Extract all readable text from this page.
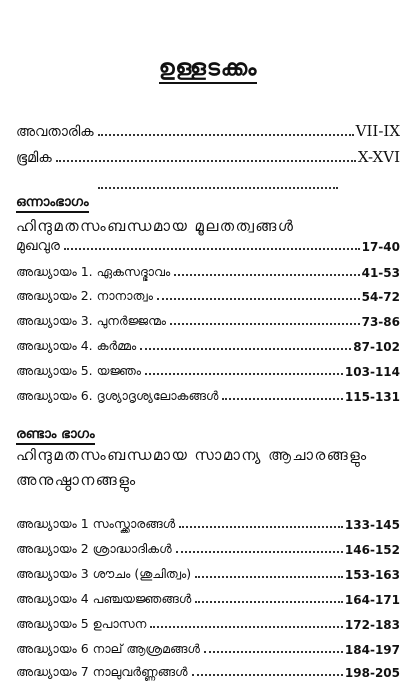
ഉള്ളടക്കം
അവതാരിക	VII-IX
ഭൂമിക	X-XVI
ഒന്നാംഭാഗം
ഹിന്ദുമതസംബന്ധമായ മൂലതത്വങ്ങൾ
മുഖവുര	17-40
അദ്ധ്യായം 1. ഏകസദ്ഭാവം	41-53
അദ്ധ്യായം 2. നാനാത്വം	54-72
അദ്ധ്യായം 3. പുനർജ്ജന്മം	73-86
അദ്ധ്യായം 4. കർമ്മം	87-102
അദ്ധ്യായം 5. യജ്ഞം	103-114
അദ്ധ്യായം 6. ദൃശ്യാദൃശ്യലോകങ്ങൾ	115-131
രണ്ടാം ഭാഗം
ഹിന്ദുമതസംബന്ധമായ സാമാന്യ ആചാരങ്ങളും
അനുഷ്ഠാനങ്ങളും
അദ്ധ്യായം 1 സംസ്ക്കാരങ്ങൾ	133-145
അദ്ധ്യായം 2 ശ്രാദ്ധാദികൾ	146-152
അദ്ധ്യായം 3 ശൗചം (ശുചിത്വം)	153-163
അദ്ധ്യായം 4 പഞ്ചയജ്ഞങ്ങൾ	164-171
അദ്ധ്യായം 5 ഉപാസന	172-183
അദ്ധ്യായം 6 നാല് ആശ്രമങ്ങൾ	184-197
അദ്ധ്യായം 7 നാലുവർണ്ണങ്ങൾ	198-205
